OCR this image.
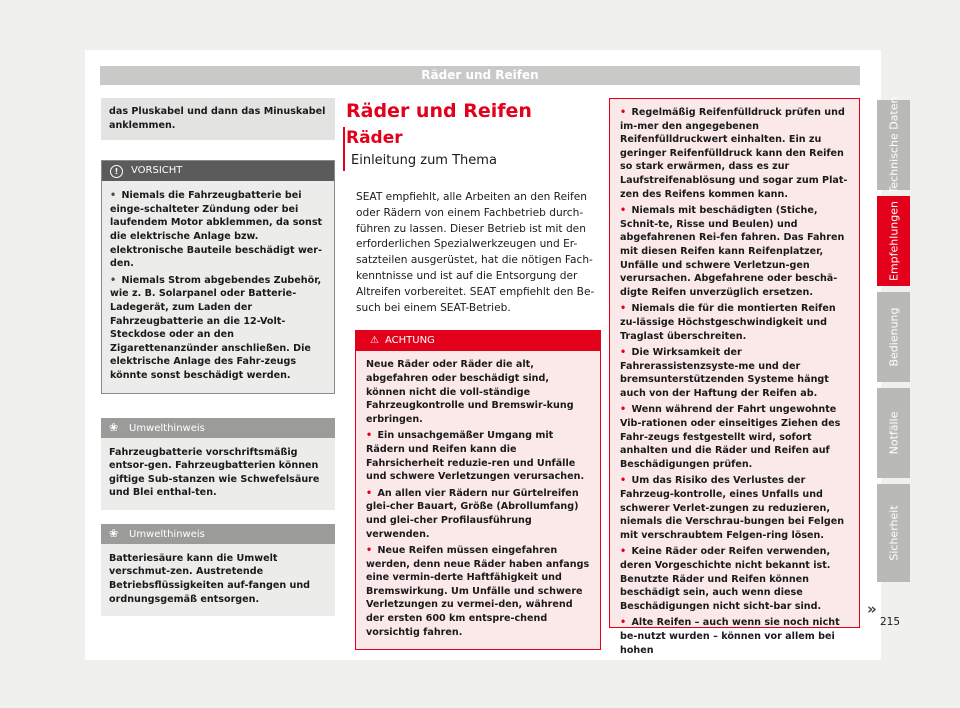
Räder und Reifen
das Pluskabel und dann das Minuskabel anklemmen.
! VORSICHT
• Niemals die Fahrzeugbatterie bei einge-schalteter Zündung oder bei laufendem Motor abklemmen, da sonst die elektrische Anlage bzw. elektronische Bauteile beschädigt wer-den.
• Niemals Strom abgebendes Zubehör, wie z. B. Solarpanel oder Batterie-Ladegerät, zum Laden der Fahrzeugbatterie an die 12-Volt-Steckdose oder an den Zigarettenanzünder anschließen. Die elektrische Anlage des Fahr-zeugs könnte sonst beschädigt werden.
❀ Umwelthinweis
Fahrzeugbatterie vorschriftsmäßig entsor-gen. Fahrzeugbatterien können giftige Sub-stanzen wie Schwefelsäure und Blei enthal-ten.
❀ Umwelthinweis
Batteriesäure kann die Umwelt verschmut-zen. Austretende Betriebsflüssigkeiten auf-fangen und ordnungsgemäß entsorgen.
Räder und Reifen
Räder
Einleitung zum Thema
SEAT empfiehlt, alle Arbeiten an den Reifen oder Rädern von einem Fachbetrieb durch-führen zu lassen. Dieser Betrieb ist mit den erforderlichen Spezialwerkzeugen und Er-satzteilen ausgerüstet, hat die nötigen Fach-kenntnisse und ist auf die Entsorgung der Altreifen vorbereitet. SEAT empfiehlt den Be-such bei einem SEAT-Betrieb.
⚠ ACHTUNG
Neue Räder oder Räder die alt, abgefahren oder beschädigt sind, können nicht die voll-ständige Fahrzeugkontrolle und Bremswir-kung erbringen.
• Ein unsachgemäßer Umgang mit Rädern und Reifen kann die Fahrsicherheit reduzie-ren und Unfälle und schwere Verletzungen verursachen.
• An allen vier Rädern nur Gürtelreifen glei-cher Bauart, Größe (Abrollumfang) und glei-cher Profilausführung verwenden.
• Neue Reifen müssen eingefahren werden, denn neue Räder haben anfangs eine vermin-derte Haftfähigkeit und Bremswirkung. Um Unfälle und schwere Verletzungen zu vermei-den, während der ersten 600 km entspre-chend vorsichtig fahren.
• Regelmäßig Reifenfülldruck prüfen und im-mer den angegebenen Reifenfülldruckwert einhalten. Ein zu geringer Reifenfülldruck kann den Reifen so stark erwärmen, dass es zur Laufstreifenablösung und sogar zum Plat-zen des Reifens kommen kann.
• Niemals mit beschädigten (Stiche, Schnit-te, Risse und Beulen) und abgefahrenen Rei-fen fahren. Das Fahren mit diesen Reifen kann Reifenplatzer, Unfälle und schwere Verletzun-gen verursachen. Abgefahrene oder beschä-digte Reifen unverzüglich ersetzen.
• Niemals die für die montierten Reifen zu-lässige Höchstgeschwindigkeit und Traglast überschreiten.
• Die Wirksamkeit der Fahrerassistenzsyste-me und der bremsunterstützenden Systeme hängt auch von der Haftung der Reifen ab.
• Wenn während der Fahrt ungewohnte Vib-rationen oder einseitiges Ziehen des Fahr-zeugs festgestellt wird, sofort anhalten und die Räder und Reifen auf Beschädigungen prüfen.
• Um das Risiko des Verlustes der Fahrzeug-kontrolle, eines Unfalls und schwerer Verlet-zungen zu reduzieren, niemals die Verschrau-bungen bei Felgen mit verschraubtem Felgen-ring lösen.
• Keine Räder oder Reifen verwenden, deren Vorgeschichte nicht bekannt ist. Benutzte Räder und Reifen können beschädigt sein, auch wenn diese Beschädigungen nicht sicht-bar sind.
• Alte Reifen – auch wenn sie noch nicht be-nutzt wurden – können vor allem bei hohen
»
Technische Daten
Empfehlungen
Bedienung
Notfälle
Sicherheit
215
